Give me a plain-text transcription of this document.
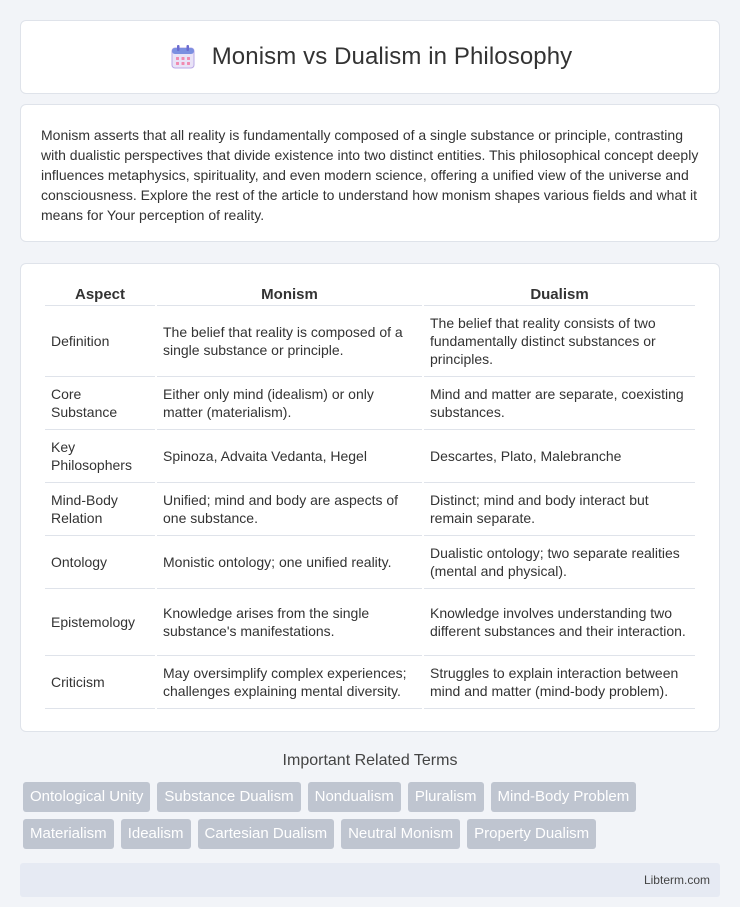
Monism vs Dualism in Philosophy

Monism asserts that all reality is fundamentally composed of a single substance or principle, contrasting with dualistic perspectives that divide existence into two distinct entities. This philosophical concept deeply influences metaphysics, spirituality, and even modern science, offering a unified view of the universe and consciousness. Explore the rest of the article to understand how monism shapes various fields and what it means for Your perception of reality.

Aspect	Monism	Dualism
Definition	The belief that reality is composed of a single substance or principle.	The belief that reality consists of two fundamentally distinct substances or principles.
Core Substance	Either only mind (idealism) or only matter (materialism).	Mind and matter are separate, coexisting substances.
Key Philosophers	Spinoza, Advaita Vedanta, Hegel	Descartes, Plato, Malebranche
Mind-Body Relation	Unified; mind and body are aspects of one substance.	Distinct; mind and body interact but remain separate.
Ontology	Monistic ontology; one unified reality.	Dualistic ontology; two separate realities (mental and physical).
Epistemology	Knowledge arises from the single substance's manifestations.	Knowledge involves understanding two different substances and their interaction.
Criticism	May oversimplify complex experiences; challenges explaining mental diversity.	Struggles to explain interaction between mind and matter (mind-body problem).
Important Related Terms
Ontological Unity	Substance Dualism	Nondualism	Pluralism	Mind-Body Problem
Materialism	Idealism	Cartesian Dualism	Neutral Monism	Property Dualism
Libterm.com
